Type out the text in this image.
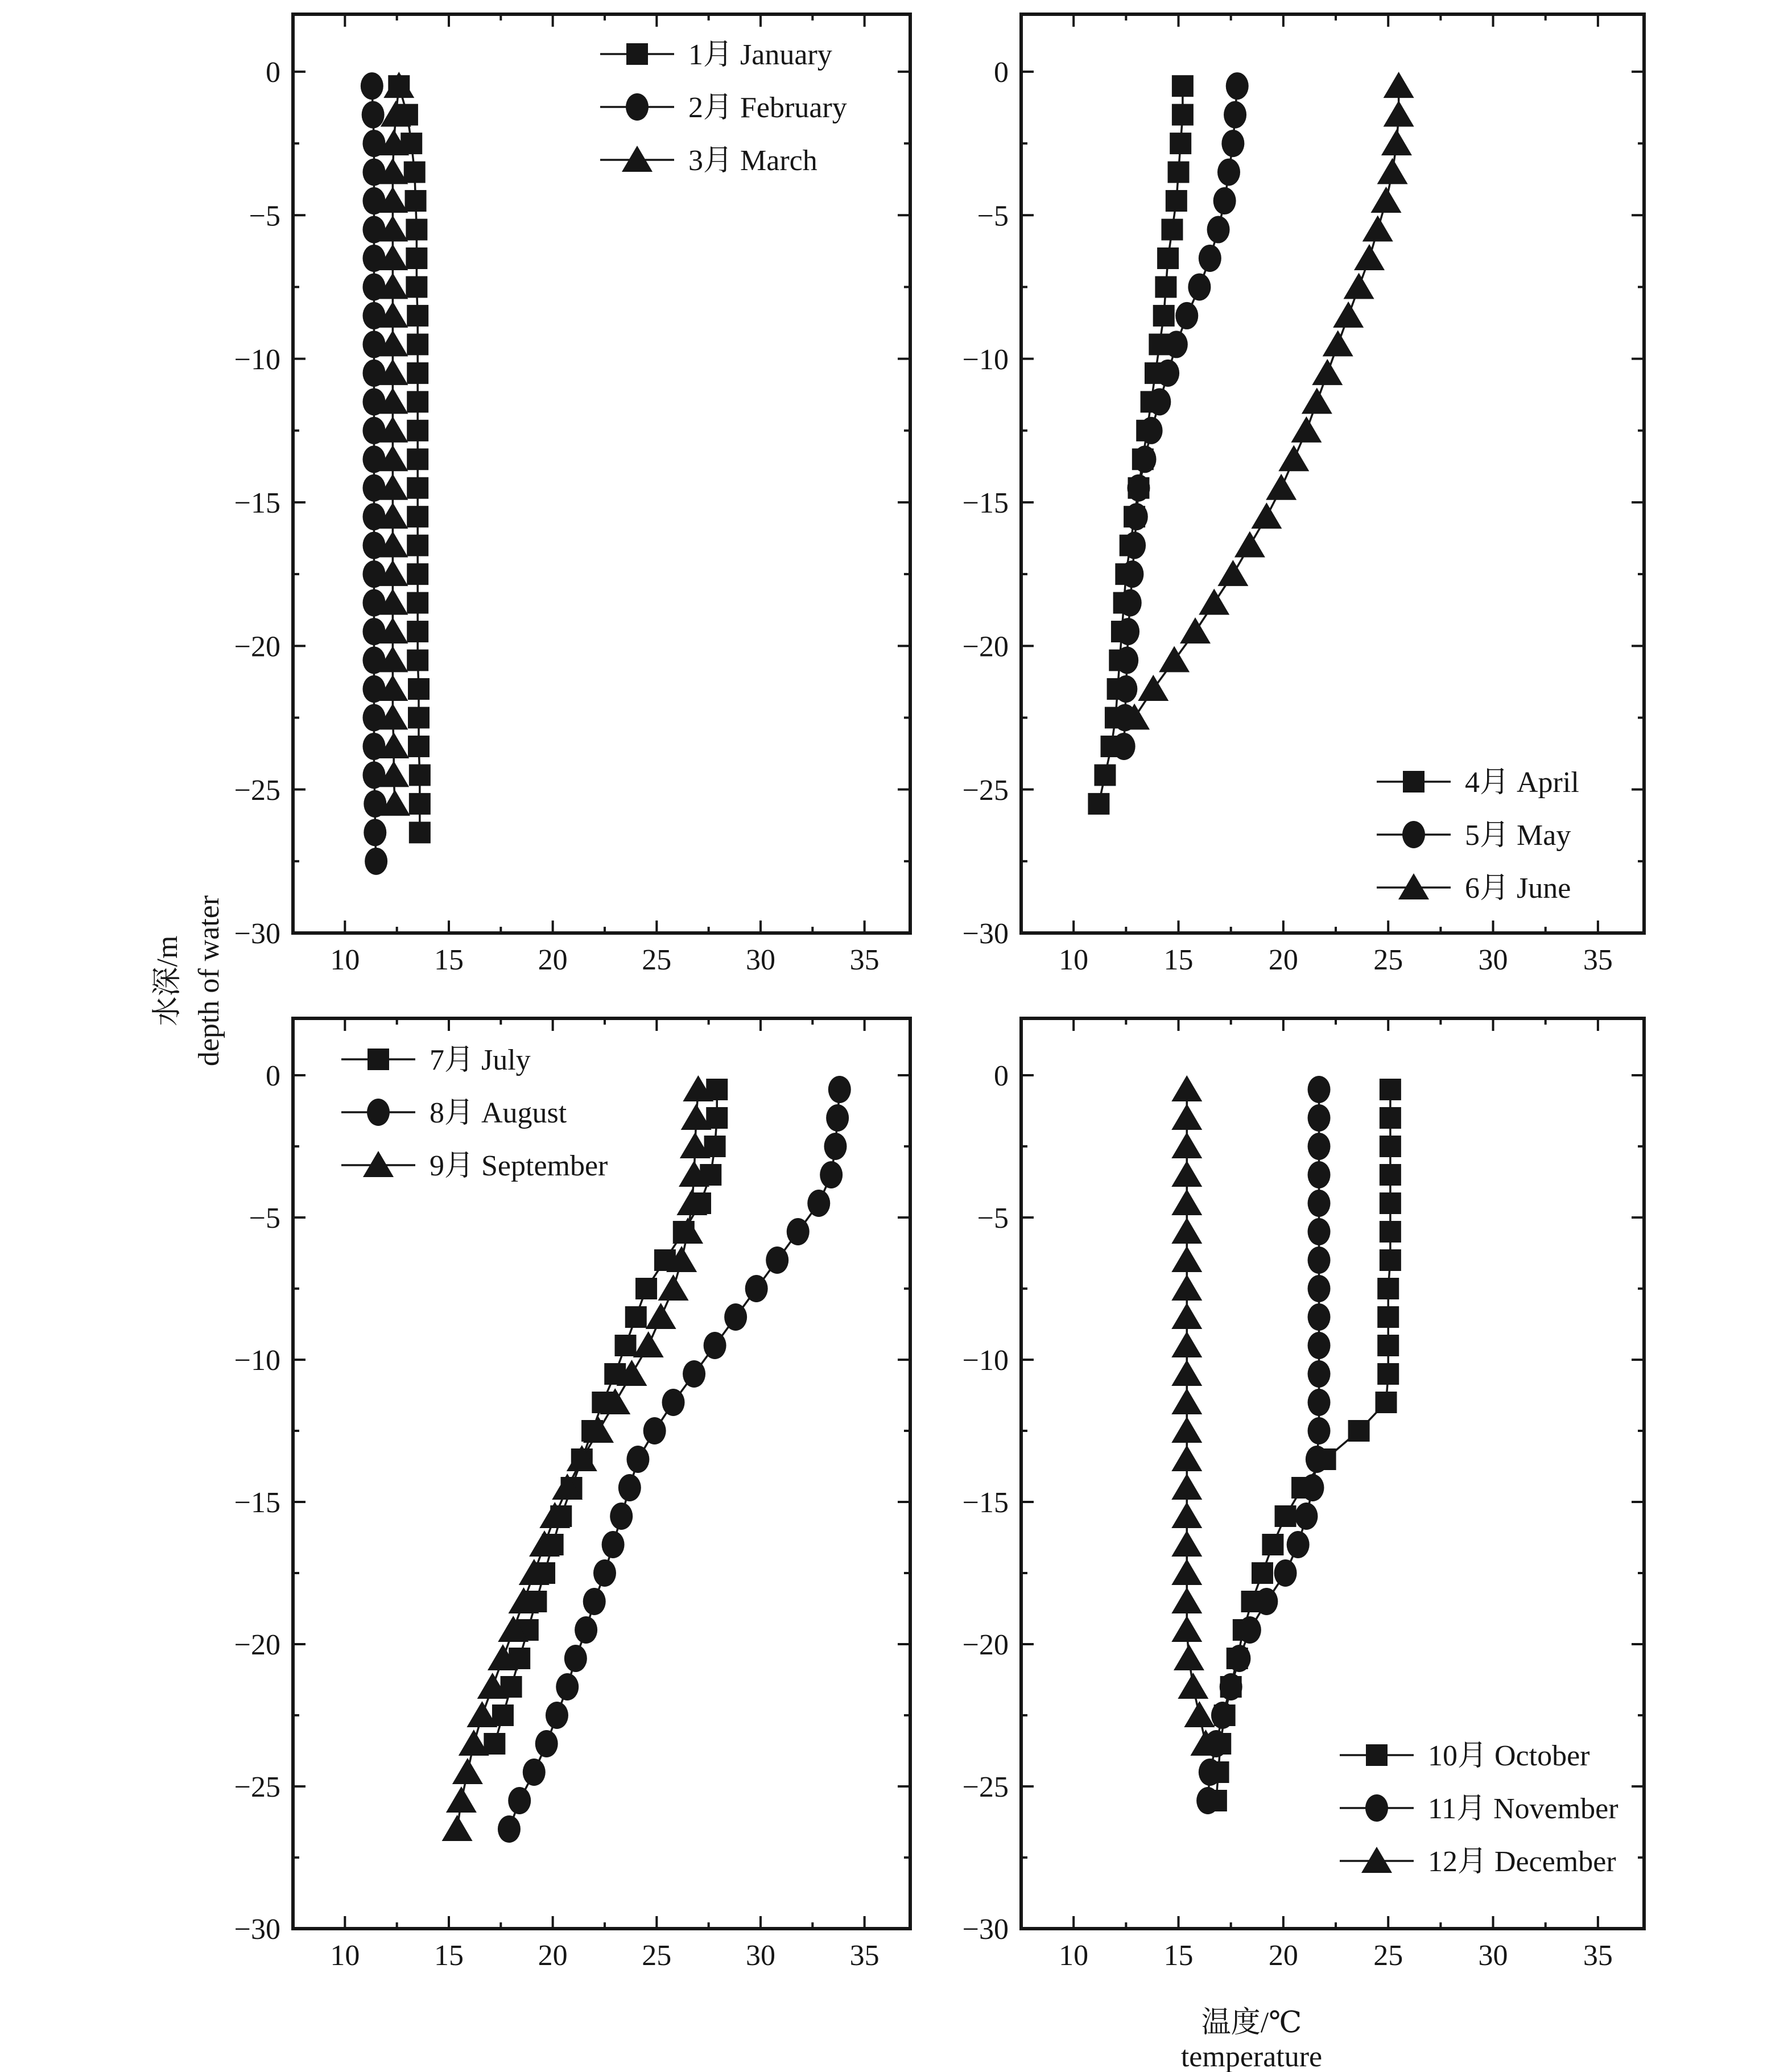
10	15	20	25	30	35
0
−5
−10
−15
−20
−25
−30
1月 January
2月 February
3月 March
10	15	20	25	30	35
0
−5
−10
−15
−20
−25
−30
4月 April
5月 May
6月 June
10	15	20	25	30	35
0
−5
−10
−15
−20
−25
−30
7月 July
8月 August
9月 September
10	15	20	25	30	35
0
−5
−10
−15
−20
−25
−30
10月 October
11月 November
12月 December
水深/m depth of water
温度/℃
temperature
